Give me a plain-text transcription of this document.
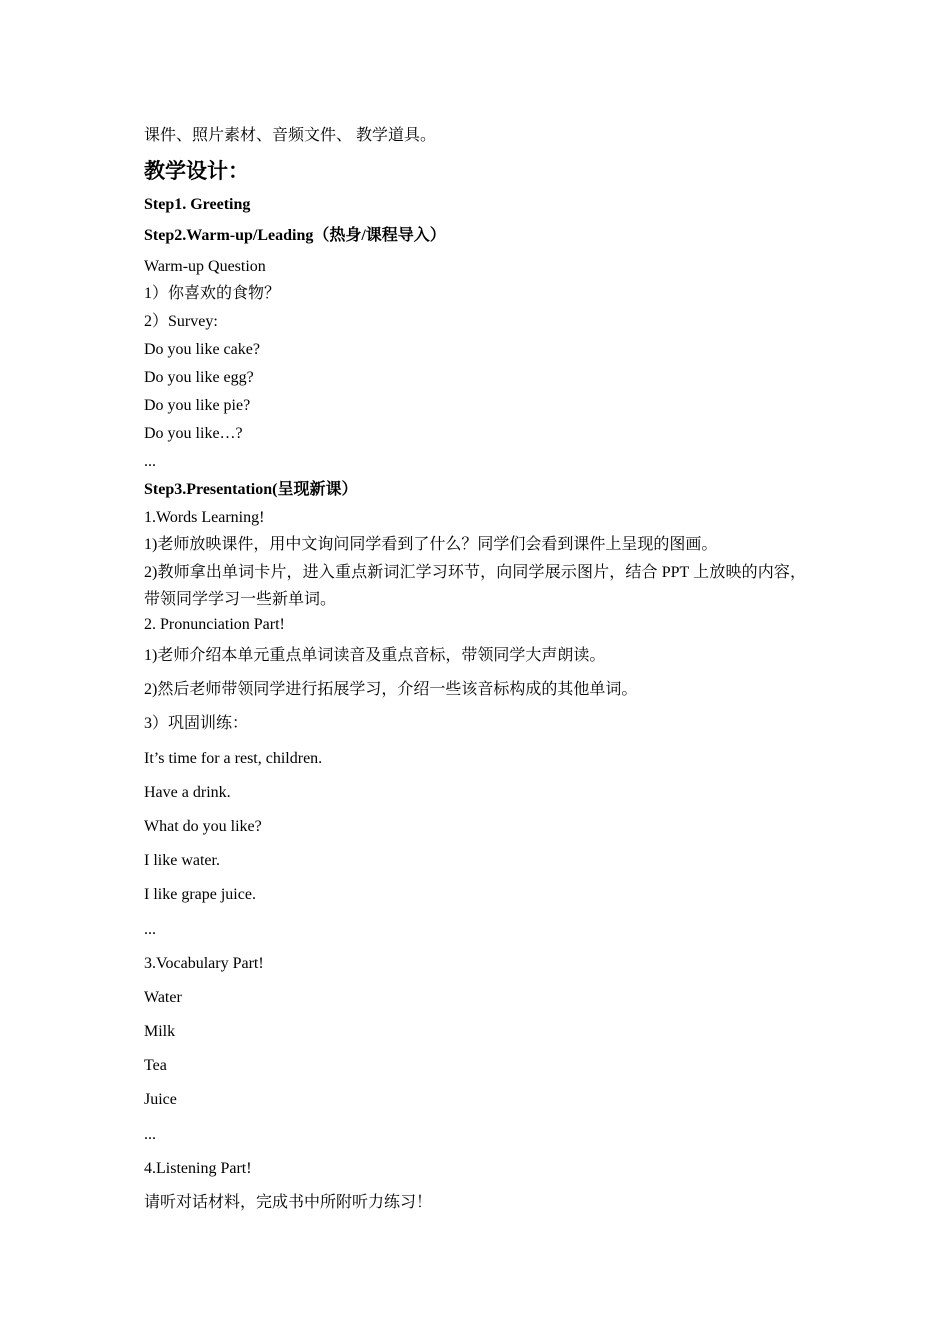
课件、照片素材、音频文件、 教学道具。
教学设计：
Step1. Greeting
Step2.Warm-up/Leading（热身/课程导入）
Warm-up Question
1）你喜欢的食物？
2）Survey:
Do you like cake?
Do you like egg?
Do you like pie?
Do you like…?
...
Step3.Presentation(呈现新课）
1.Words Learning!
1)老师放映课件，用中文询问同学看到了什么？同学们会看到课件上呈现的图画。
2)教师拿出单词卡片，进入重点新词汇学习环节，向同学展示图片，结合 PPT 上放映的内容，带领同学学习一些新单词。
2. Pronunciation Part!
1)老师介绍本单元重点单词读音及重点音标，带领同学大声朗读。
2)然后老师带领同学进行拓展学习，介绍一些该音标构成的其他单词。
3）巩固训练：
It’s time for a rest, children.
Have a drink.
What do you like?
I like water.
I like grape juice.
...
3.Vocabulary Part!
Water
Milk
Tea
Juice
...
4.Listening Part!
请听对话材料，完成书中所附听力练习！
